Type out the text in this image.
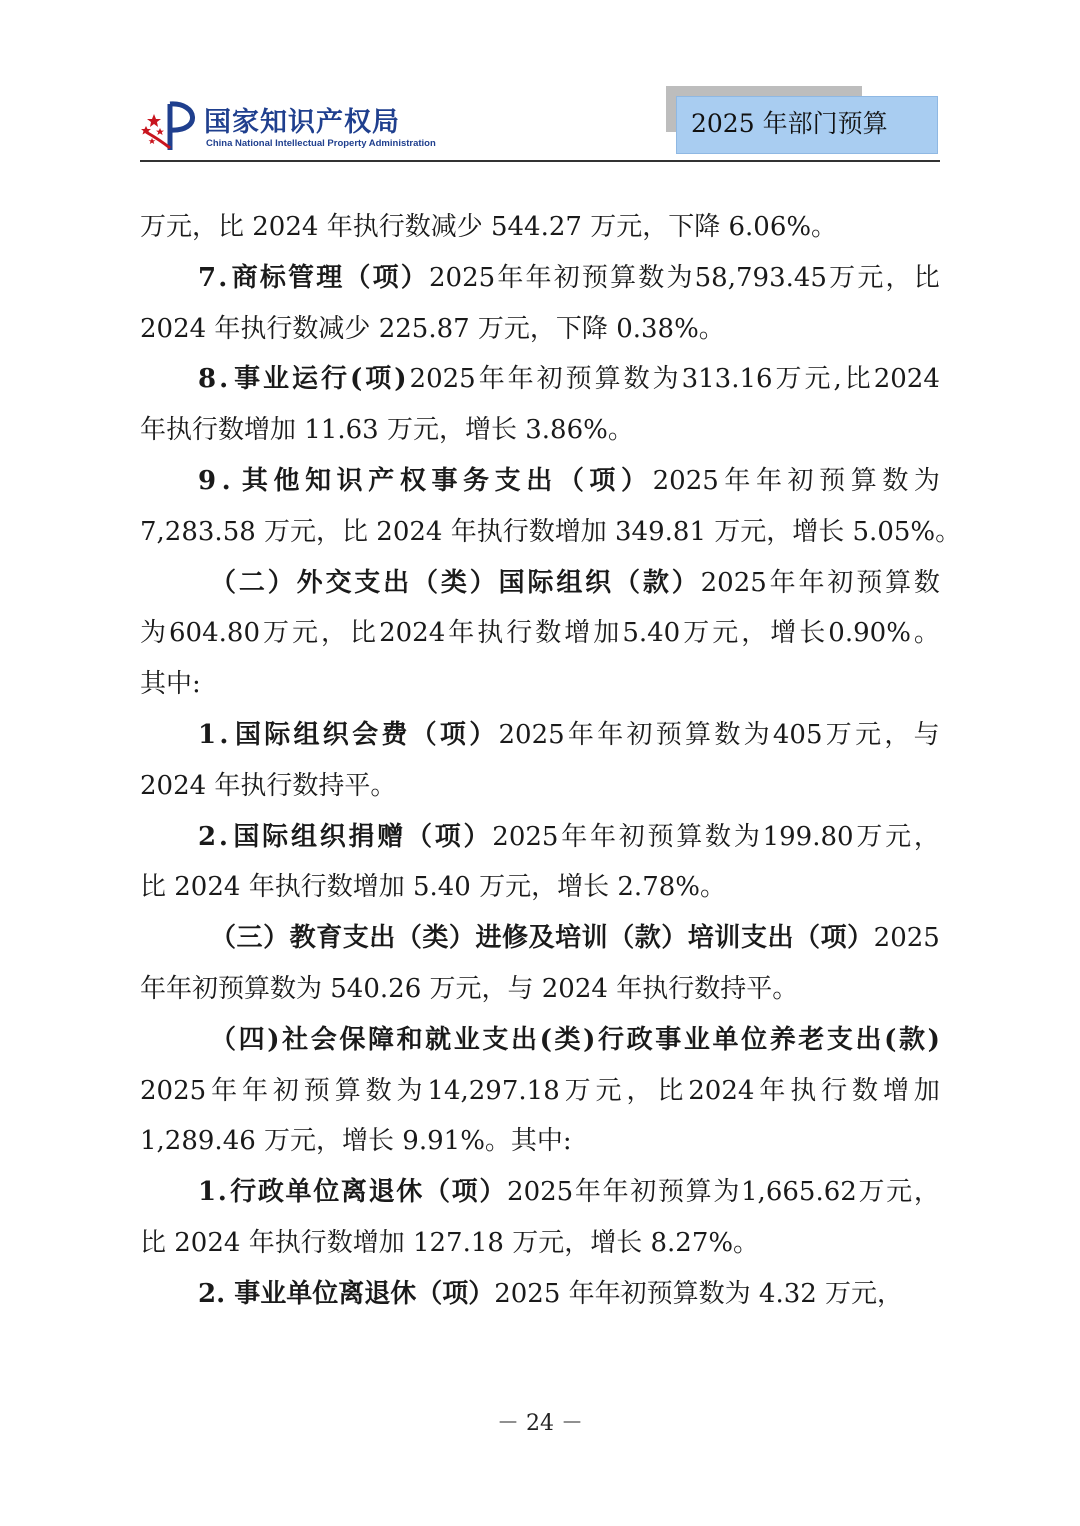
国家知识产权局
China National Intellectual Property Administration
2025 年部门预算
万元，比 2024 年执行数减少 544.27 万元，下降 6.06%。
7 . 商 标 管 理 （ 项 ） 2025 年 年 初 预 算 数 为 58,793.45 万 元 ， 比
2024 年执行数减少 225.87 万元，下降 0.38%。
8 . 事 业 运 行 ( 项 ) 2025 年 年 初 预 算 数 为 313.16 万 元 , 比 2024
年执行数增加 11.63 万元，增长 3.86%。
9 . 其 他 知 识 产 权 事 务 支 出 （ 项 ） 2025 年 年 初 预 算 数 为
7,283.58 万元，比 2024 年执行数增加 349.81 万元，增长 5.05%。
（ 二 ） 外 交 支 出 （ 类 ） 国 际 组 织 （ 款 ） 2025 年 年 初 预 算 数
为 604.80 万 元 ， 比 2024 年 执 行 数 增 加 5.40 万 元 ， 增 长 0.90% 。
其中:
1 . 国 际 组 织 会 费 （ 项 ） 2025 年 年 初 预 算 数 为 405 万 元 ， 与
2024 年执行数持平。
2 . 国 际 组 织 捐 赠 （ 项 ） 2025 年 年 初 预 算 数 为 199.80 万 元 ，
比 2024 年执行数增加 5.40 万元，增长 2.78%。
（ 三 ） 教 育 支 出 （ 类 ） 进 修 及 培 训 （ 款 ） 培 训 支 出 （ 项 ） 2025
年年初预算数为 540.26 万元，与 2024 年执行数持平。
（ 四 ) 社 会 保 障 和 就 业 支 出 ( 类 ) 行 政 事 业 单 位 养 老 支 出 ( 款 )
2025 年 年 初 预 算 数 为 14,297.18 万 元 ， 比 2024 年 执 行 数 增 加
1,289.46 万元，增长 9.91%。其中:
1 . 行 政 单 位 离 退 休 （ 项 ） 2025 年 年 初 预 算 为 1,665.62 万 元 ，
比 2024 年执行数增加 127.18 万元，增长 8.27%。
2. 事业单位离退休（项） 2025 年年初预算数为 4.32 万元，
－ 24 －
